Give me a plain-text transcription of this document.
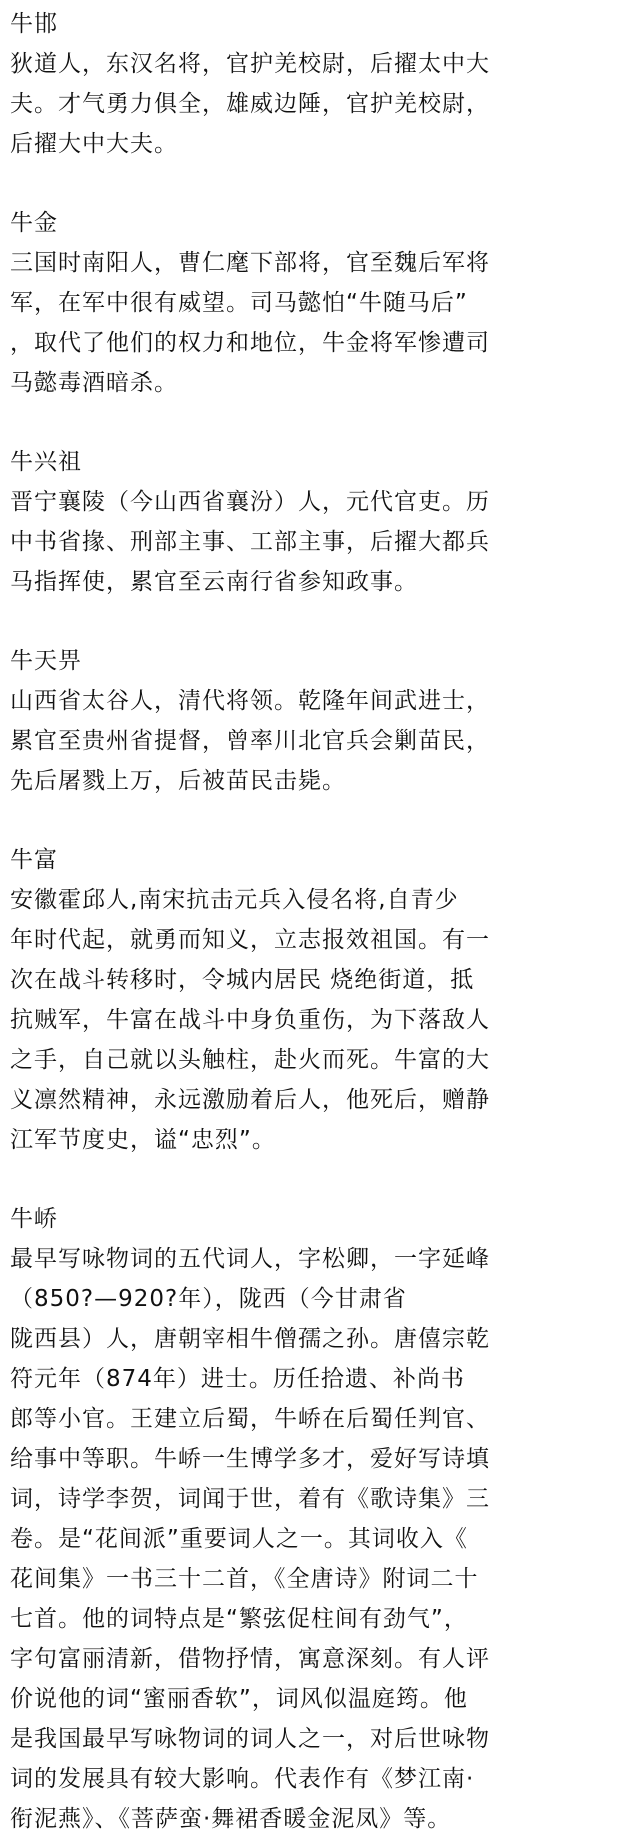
牛邯
狄道人，东汉名将，官护羌校尉，后擢太中大
夫。才气勇力俱全，雄威边陲，官护羌校尉，
后擢大中大夫。
牛金
三国时南阳人，曹仁麾下部将，官至魏后军将
军，在军中很有威望。司马懿怕“牛随马后”
，取代了他们的权力和地位，牛金将军惨遭司
马懿毒酒暗杀。
牛兴祖
晋宁襄陵（今山西省襄汾）人，元代官吏。历
中书省掾、刑部主事、工部主事，后擢大都兵
马指挥使，累官至云南行省参知政事。
牛天畀
山西省太谷人，清代将领。乾隆年间武进士，
累官至贵州省提督，曾率川北官兵会剿苗民，
先后屠戮上万，后被苗民击毙。
牛富
安徽霍邱人,南宋抗击元兵入侵名将,自青少
年时代起，就勇而知义，立志报效祖国。有一
次在战斗转移时，令城内居民 烧绝街道，抵
抗贼军，牛富在战斗中身负重伤，为下落敌人
之手，自己就以头触柱，赴火而死。牛富的大
义凛然精神，永远激励着后人，他死后，赠静
江军节度史，谥“忠烈”。
牛峤
最早写咏物词的五代词人，字松卿，一字延峰
（850?—920?年），陇西（今甘肃省
陇西县）人，唐朝宰相牛僧孺之孙。唐僖宗乾
符元年（874年）进士。历任拾遗、补尚书
郎等小官。王建立后蜀，牛峤在后蜀任判官、
给事中等职。牛峤一生博学多才，爱好写诗填
词，诗学李贺，词闻于世，着有《歌诗集》三
卷。是“花间派”重要词人之一。其词收入《
花间集》一书三十二首，《全唐诗》附词二十
七首。他的词特点是“繁弦促柱间有劲气”，
字句富丽清新，借物抒情，寓意深刻。有人评
价说他的词“蜜丽香软”，词风似温庭筠。他
是我国最早写咏物词的词人之一，对后世咏物
词的发展具有较大影响。代表作有《梦江南·
衔泥燕》、《菩萨蛮·舞裙香暖金泥凤》等。
